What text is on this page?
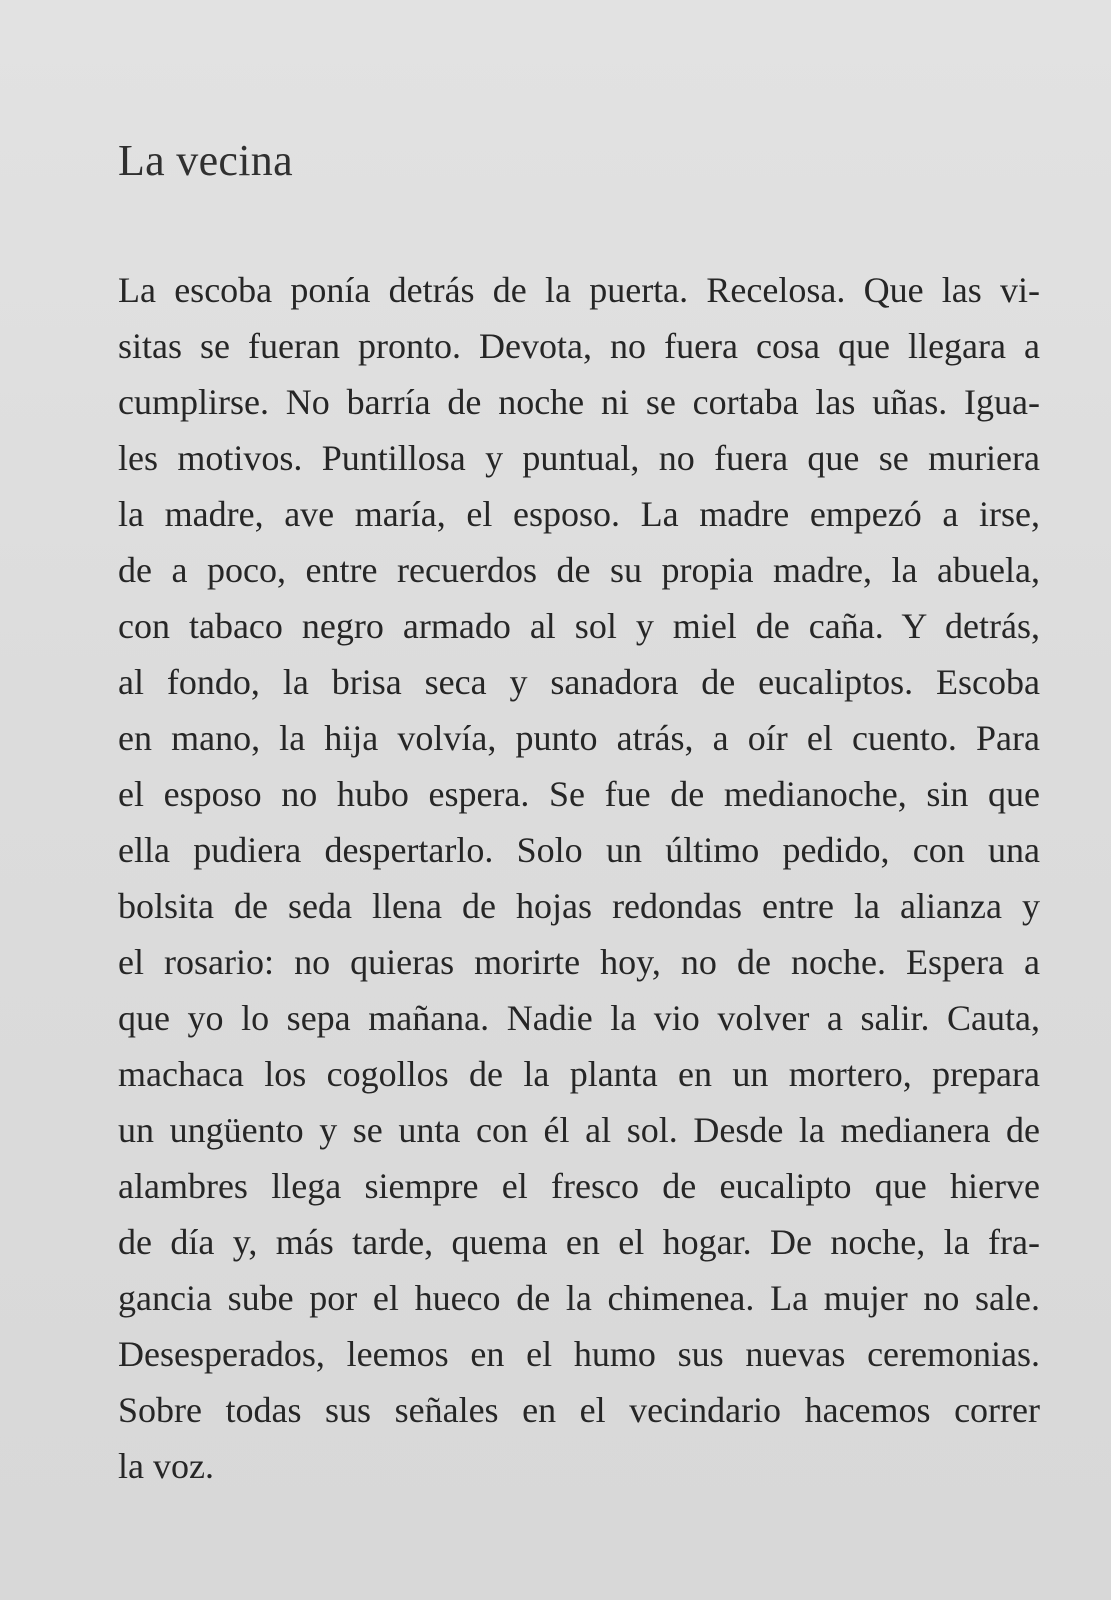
La vecina
La escoba ponía detrás de la puerta. Recelosa. Que las vi-
sitas se fueran pronto. Devota, no fuera cosa que llegara a
cumplirse. No barría de noche ni se cortaba las uñas. Igua-
les motivos. Puntillosa y puntual, no fuera que se muriera
la madre, ave maría, el esposo. La madre empezó a irse,
de a poco, entre recuerdos de su propia madre, la abuela,
con tabaco negro armado al sol y miel de caña. Y detrás,
al fondo, la brisa seca y sanadora de eucaliptos. Escoba
en mano, la hija volvía, punto atrás, a oír el cuento. Para
el esposo no hubo espera. Se fue de medianoche, sin que
ella pudiera despertarlo. Solo un último pedido, con una
bolsita de seda llena de hojas redondas entre la alianza y
el rosario: no quieras morirte hoy, no de noche. Espera a
que yo lo sepa mañana. Nadie la vio volver a salir. Cauta,
machaca los cogollos de la planta en un mortero, prepara
un ungüento y se unta con él al sol. Desde la medianera de
alambres llega siempre el fresco de eucalipto que hierve
de día y, más tarde, quema en el hogar. De noche, la fra-
gancia sube por el hueco de la chimenea. La mujer no sale.
Desesperados, leemos en el humo sus nuevas ceremonias.
Sobre todas sus señales en el vecindario hacemos correr
la voz.
